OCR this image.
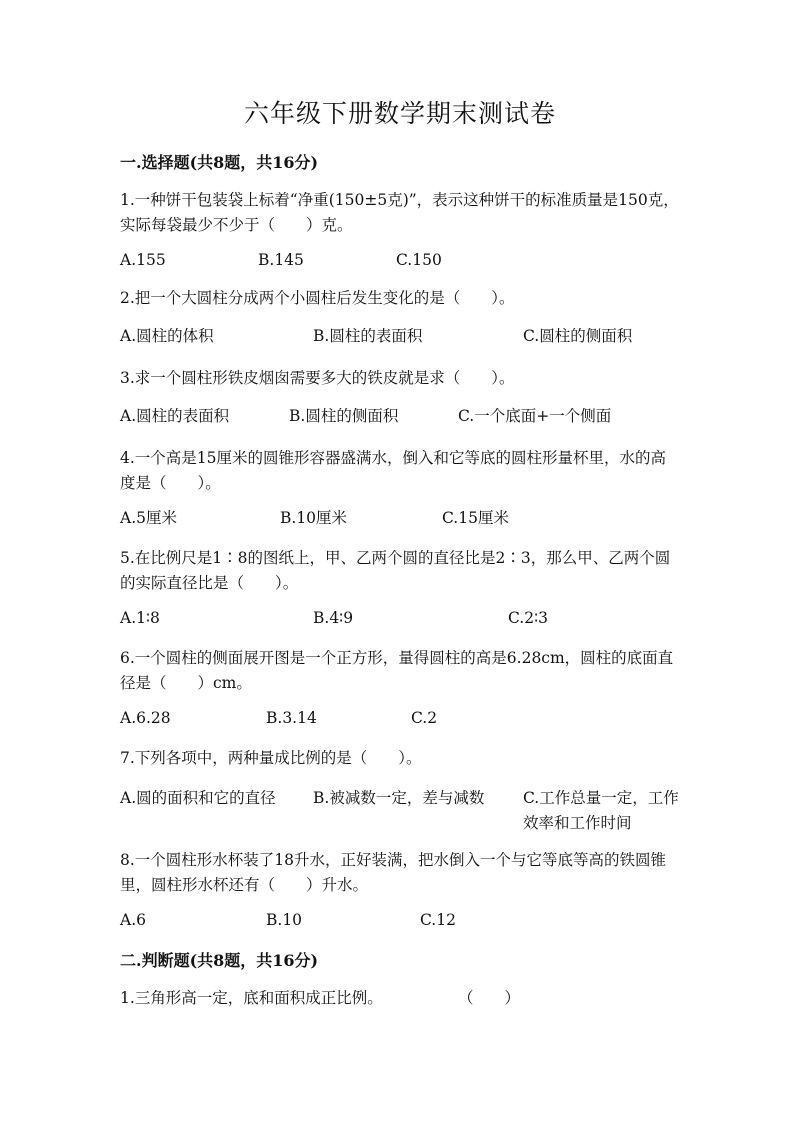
六年级下册数学期末测试卷

一.选择题(共8题，共16分)

1.一种饼干包装袋上标着“净重(150±5克)”，表示这种饼干的标准质量是150克，实际每袋最少不少于（　　）克。

A.155	B.145	C.150

2.把一个大圆柱分成两个小圆柱后发生变化的是（　　）。

A.圆柱的体积	B.圆柱的表面积	C.圆柱的侧面积

3.求一个圆柱形铁皮烟囱需要多大的铁皮就是求（　　）。

A.圆柱的表面积	B.圆柱的侧面积	C.一个底面+一个侧面

4.一个高是15厘米的圆锥形容器盛满水，倒入和它等底的圆柱形量杯里，水的高度是（　　）。

A.5厘米	B.10厘米	C.15厘米

5.在比例尺是1∶8的图纸上，甲、乙两个圆的直径比是2∶3，那么甲、乙两个圆的实际直径比是（　　）。

A.1∶8	B.4∶9	C.2∶3

6.一个圆柱的侧面展开图是一个正方形，量得圆柱的高是6.28cm，圆柱的底面直径是（　　）cm。

A.6.28	B.3.14	C.2

7.下列各项中，两种量成比例的是（　　）。

A.圆的面积和它的直径 B.被减数一定，差与减数 C.工作总量一定，工作效率和工作时间

8.一个圆柱形水杯装了18升水，正好装满，把水倒入一个与它等底等高的铁圆锥里，圆柱形水杯还有（　　）升水。

A.6	B.10	C.12

二.判断题(共8题，共16分)

1.三角形高一定，底和面积成正比例。	（　　）
